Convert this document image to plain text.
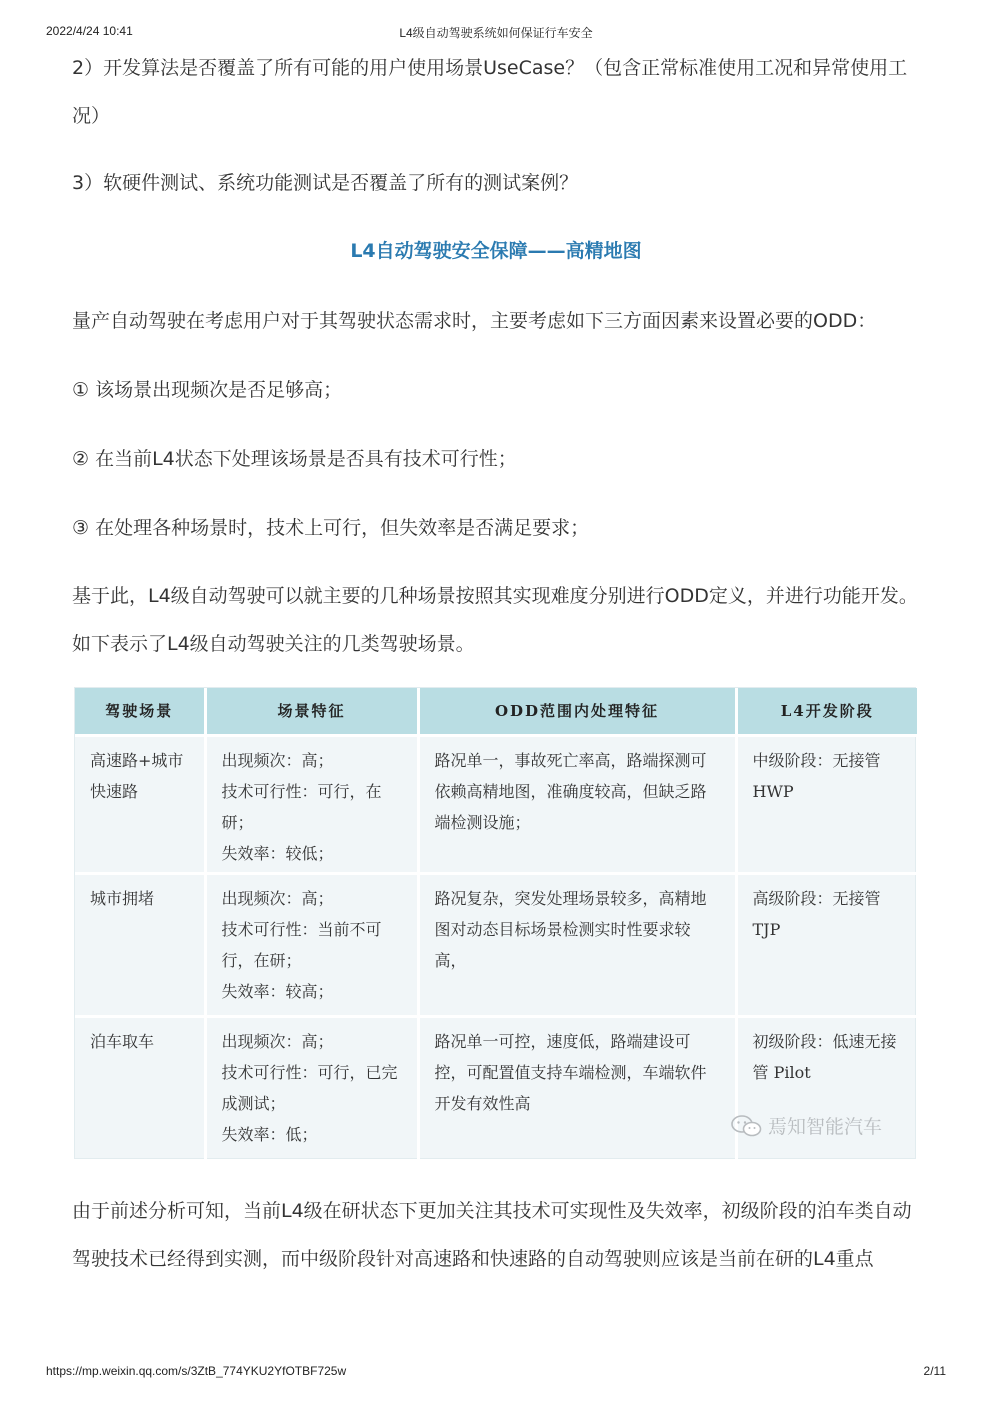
2022/4/24 10:41	L4级自动驾驶系统如何保证行车安全

2）开发算法是否覆盖了所有可能的用户使用场景UseCase？（包含正常标准使用工况和异常使用工况）

3）软硬件测试、系统功能测试是否覆盖了所有的测试案例？

L4自动驾驶安全保障——高精地图

量产自动驾驶在考虑用户对于其驾驶状态需求时，主要考虑如下三方面因素来设置必要的ODD：

① 该场景出现频次是否足够高；

② 在当前L4状态下处理该场景是否具有技术可行性；

③ 在处理各种场景时，技术上可行，但失效率是否满足要求；

基于此，L4级自动驾驶可以就主要的几种场景按照其实现难度分别进行ODD定义，并进行功能开发。如下表示了L4级自动驾驶关注的几类驾驶场景。

驾驶场景	场景特征	ODD范围内处理特征	L4开发阶段
高速路+城市快速路	出现频次：高；
技术可行性：可行，在研；
失效率：较低；	路况单一，事故死亡率高，路端探测可依赖高精地图，准确度较高，但缺乏路端检测设施；	中级阶段：无接管 HWP
城市拥堵	出现频次：高；
技术可行性：当前不可行，在研；
失效率：较高；	路况复杂，突发处理场景较多，高精地图对动态目标场景检测实时性要求较高，	高级阶段：无接管 TJP
泊车取车	出现频次：高；
技术可行性：可行，已完成测试；
失效率：低；	路况单一可控，速度低，路端建设可控，可配置值支持车端检测，车端软件开发有效性高	初级阶段：低速无接管 Pilot
焉知智能汽车

由于前述分析可知，当前L4级在研状态下更加关注其技术可实现性及失效率，初级阶段的泊车类自动驾驶技术已经得到实测，而中级阶段针对高速路和快速路的自动驾驶则应该是当前在研的L4重点

https://mp.weixin.qq.com/s/3ZtB_774YKU2YfOTBF725w	2/11
